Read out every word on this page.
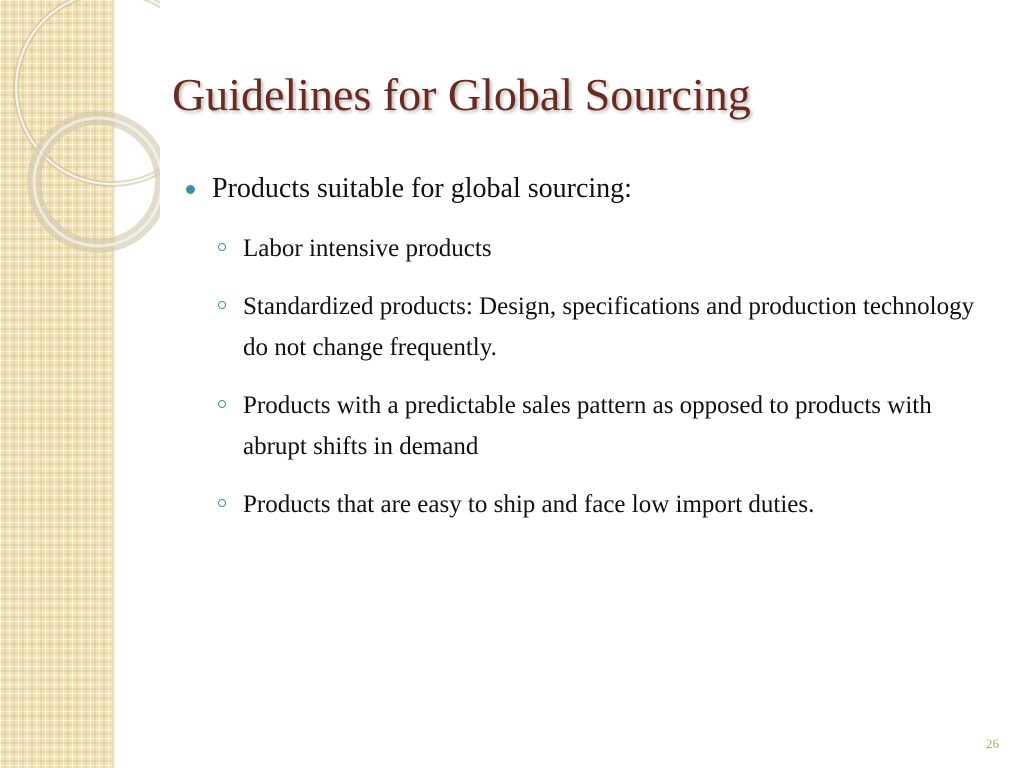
Guidelines for Global Sourcing
Products suitable for global sourcing:
Labor intensive products
Standardized products: Design, specifications and production technology do not change frequently.
Products with a predictable sales pattern as opposed to products with abrupt shifts in demand
Products that are easy to ship and face low import duties.
26
